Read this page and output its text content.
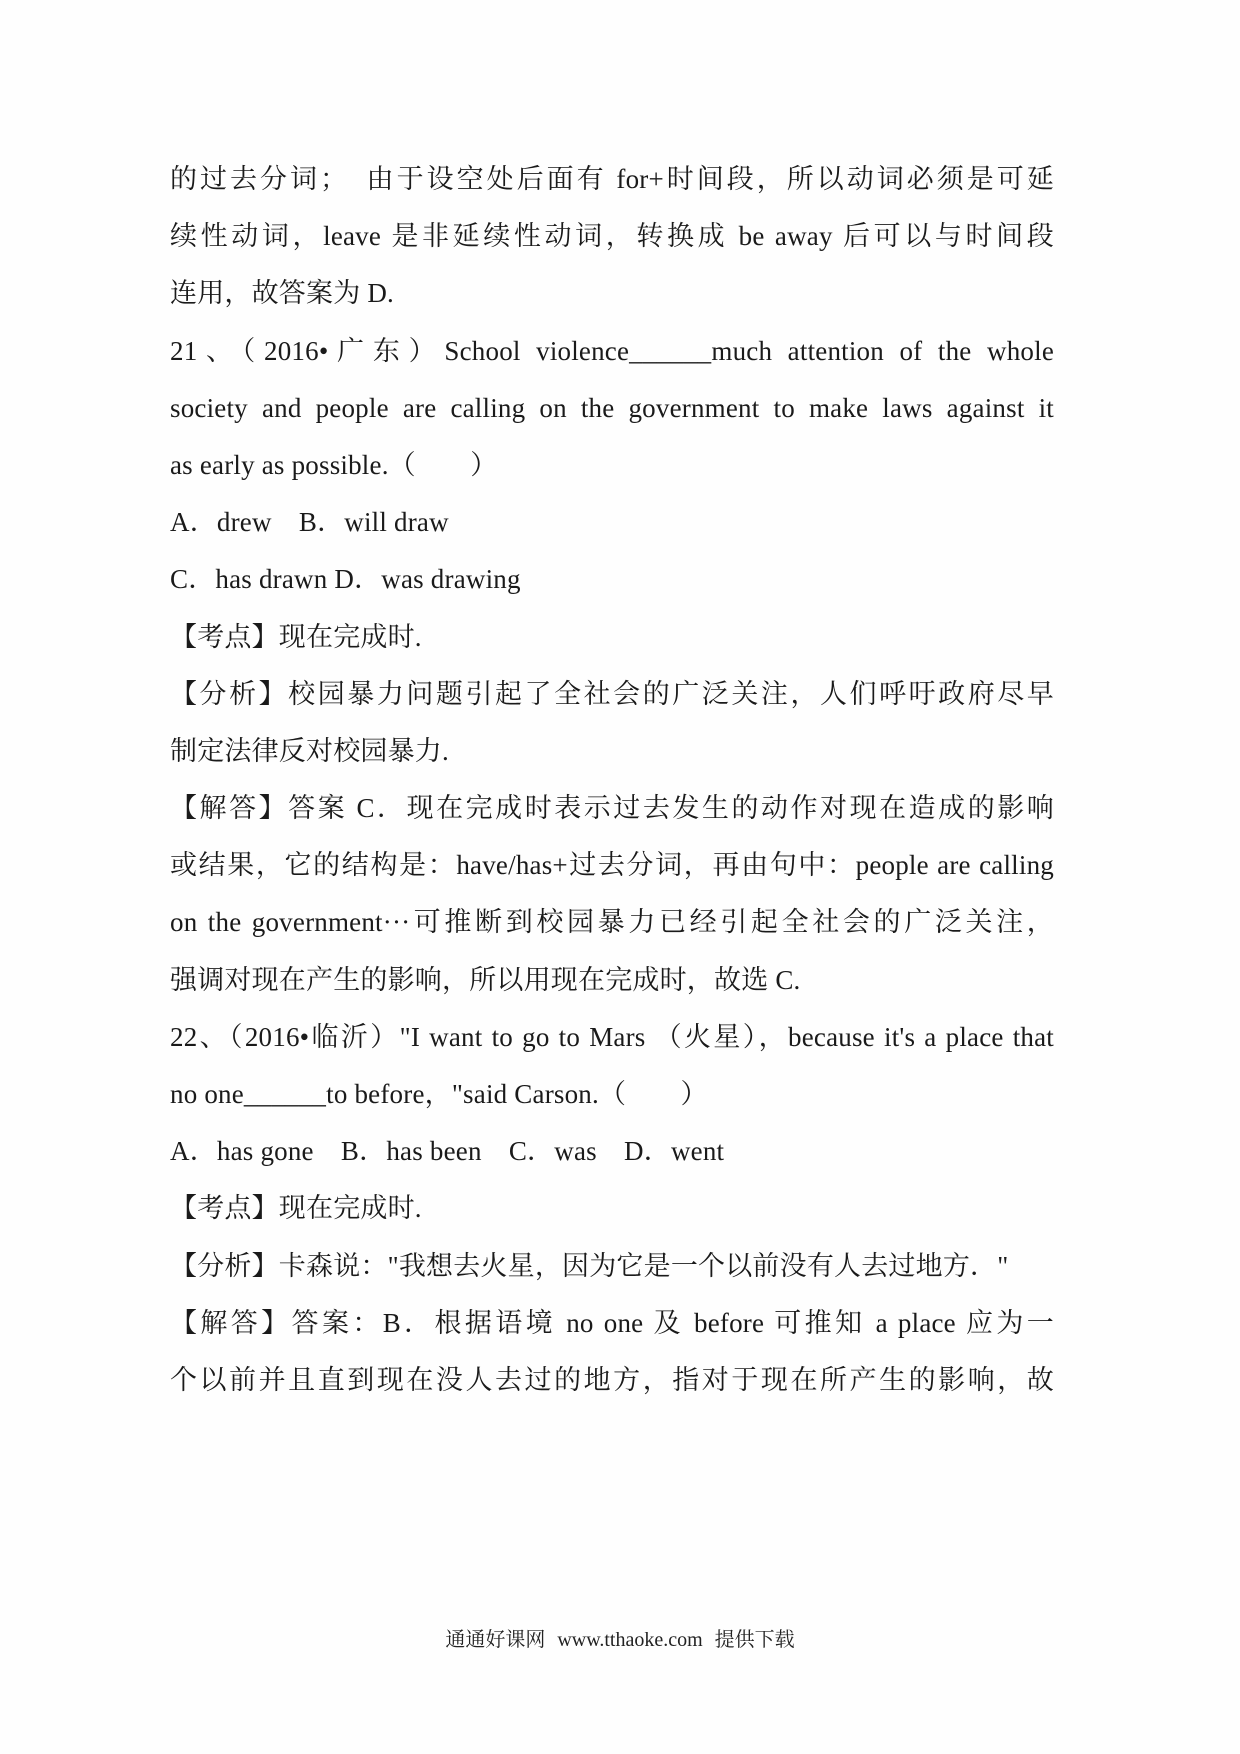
的过去分词；　由于设空处后面有 for+时间段，所以动词必须是可延
续性动词，leave 是非延续性动词，转换成 be away 后可以与时间段
连用，故答案为 D.
21、（2016•广东）School violence______much attention of the whole
society and people are calling on the government to make laws against it
as early as possible.（　　）
A．drew　B．will draw
C．has drawn D．was drawing
【考点】现在完成时.
【分析】校园暴力问题引起了全社会的广泛关注，人们呼吁政府尽早
制定法律反对校园暴力.
【解答】答案 C．现在完成时表示过去发生的动作对现在造成的影响
或结果，它的结构是：have/has+过去分词，再由句中：people are calling
on the government···可推断到校园暴力已经引起全社会的广泛关注，
强调对现在产生的影响，所以用现在完成时，故选 C.
22、（2016•临沂）"I want to go to Mars （火星），because it's a place that
no one______to before，"said Carson.（　　）
A．has gone　B．has been　C．was　D．went
【考点】现在完成时.
【分析】卡森说："我想去火星，因为它是一个以前没有人去过地方．"
【解答】答案：B．根据语境 no one 及 before 可推知 a place 应为一
个以前并且直到现在没人去过的地方，指对于现在所产生的影响，故
通通好课网 www.tthaoke.com 提供下载
